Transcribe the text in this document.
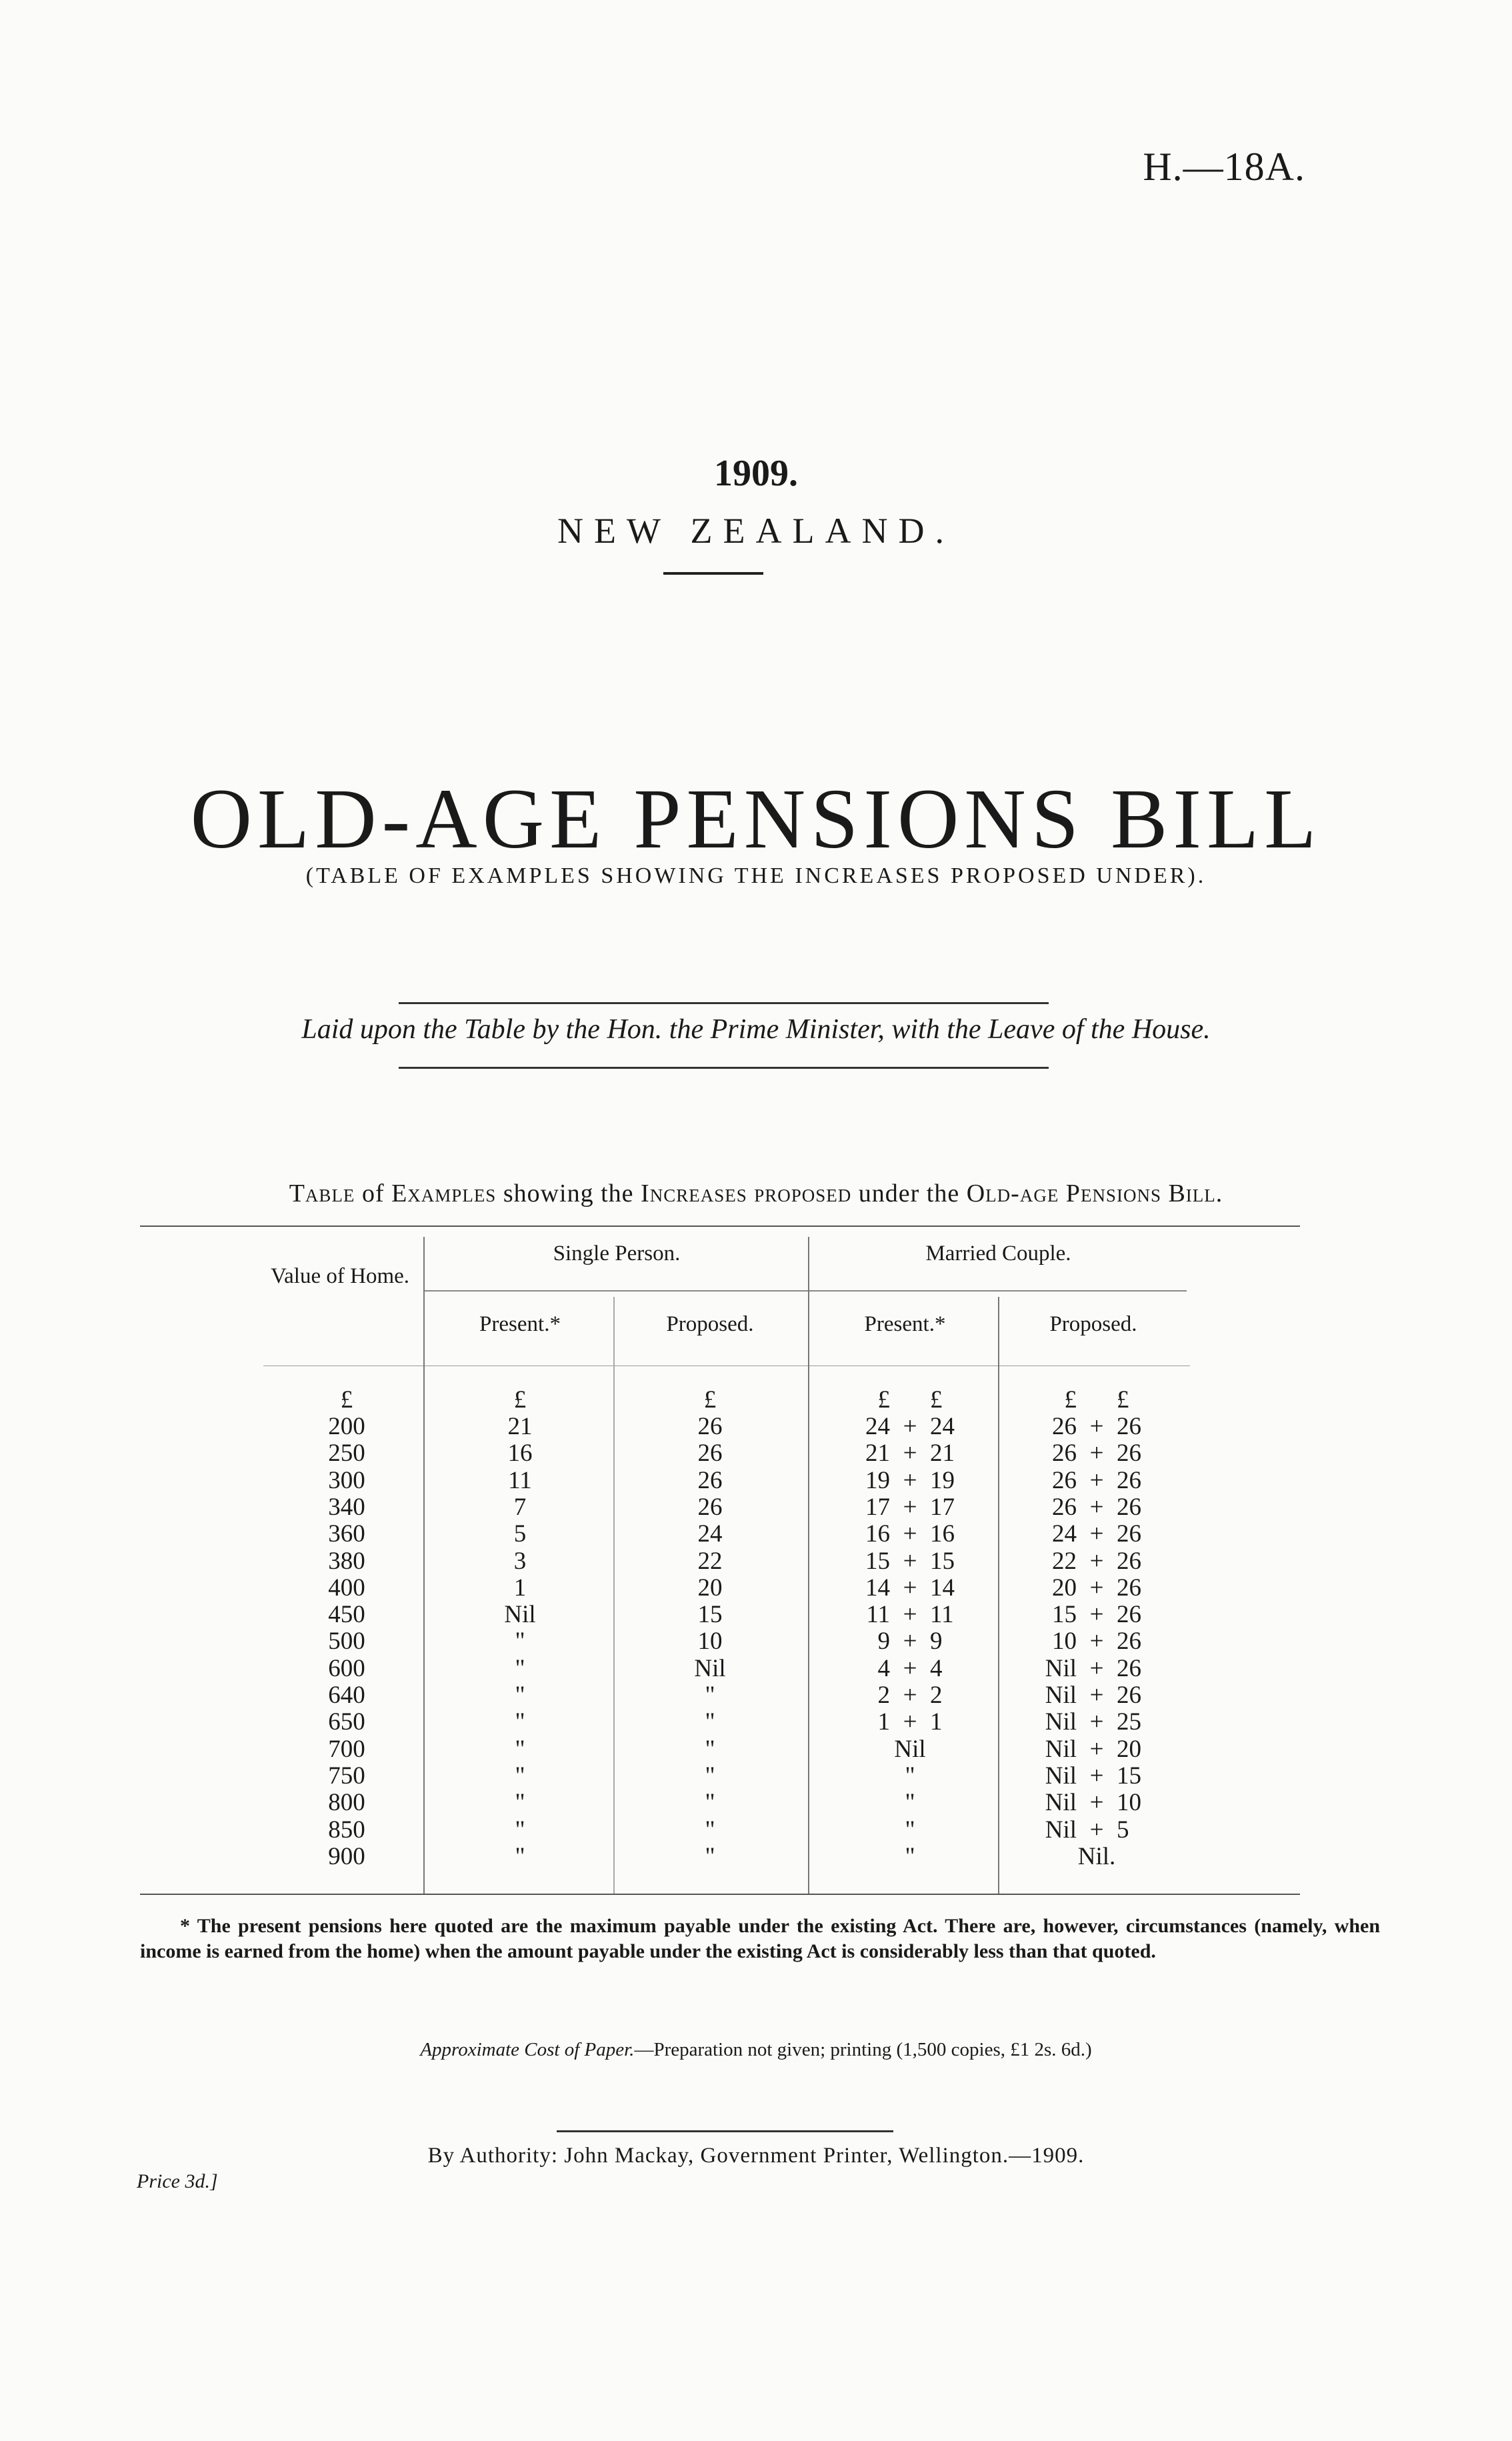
H.—18A.
1909.
NEW ZEALAND.
OLD-AGE PENSIONS BILL
(TABLE OF EXAMPLES SHOWING THE INCREASES PROPOSED UNDER).
Laid upon the Table by the Hon. the Prime Minister, with the Leave of the House.
Table of Examples showing the Increases proposed under the Old-age Pensions Bill.
Value of Home.
Single Person.	Married Couple.
Present.*	Proposed.	Present.*	Proposed.
£	£	£	£ £	£ £
200	21	26	24 + 24	26 + 26
250	16	26	21 + 21	26 + 26
300	11	26	19 + 19	26 + 26
340	7	26	17 + 17	26 + 26
360	5	24	16 + 16	24 + 26
380	3	22	15 + 15	22 + 26
400	1	20	14 + 14	20 + 26
450	Nil	15	11 + 11	15 + 26
500	"	10	9 + 9	10 + 26
600	"	Nil	4 + 4	Nil + 26
640	"	"	2 + 2	Nil + 26
650	"	"	1 + 1	Nil + 25
700	"	"	Nil	Nil + 20
750	"	"	"	Nil + 15
800	"	"	"	Nil + 10
850	"	"	"	Nil + 5
900	"	"	"	Nil.
* The present pensions here quoted are the maximum payable under the existing Act. There are, however, circumstances (namely, when income is earned from the home) when the amount payable under the existing Act is considerably less than that quoted.
Approximate Cost of Paper.—Preparation not given; printing (1,500 copies, £1 2s. 6d.)
By Authority: John Mackay, Government Printer, Wellington.—1909.
Price 3d.]
